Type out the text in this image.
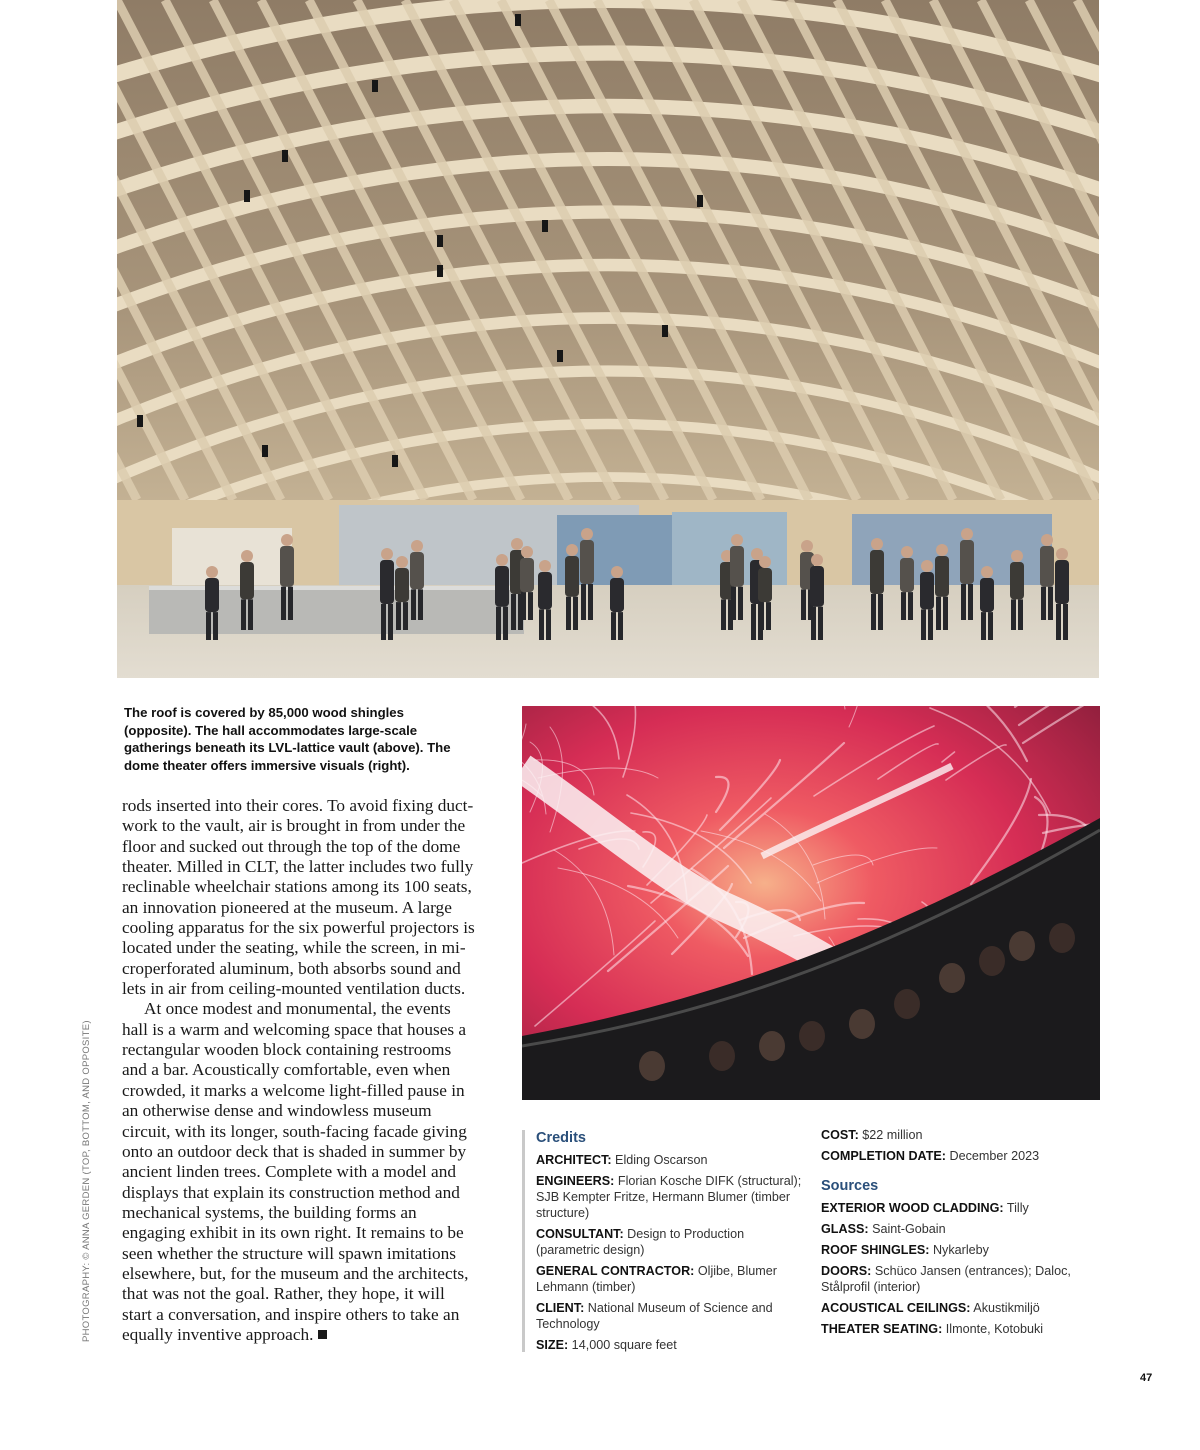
The roof is covered by 85,000 wood shingles (opposite). The hall accommodates large-scale gatherings beneath its LVL-lattice vault (above). The dome theater offers immersive visuals (right).

rods inserted into their cores. To avoid fixing ductwork to the vault, air is brought in from under the floor and sucked out through the top of the dome theater. Milled in CLT, the latter includes two fully reclinable wheelchair stations among its 100 seats, an innovation pioneered at the museum. A large cooling apparatus for the six powerful projectors is located under the seating, while the screen, in microperforated aluminum, both absorbs sound and lets in air from ceiling-mounted ventilation ducts.

At once modest and monumental, the events hall is a warm and welcoming space that houses a rectangular wooden block containing restrooms and a bar. Acoustically comfortable, even when crowded, it marks a welcome light-filled pause in an otherwise dense and windowless museum circuit, with its longer, south-facing facade giving onto an outdoor deck that is shaded in summer by ancient linden trees. Complete with a model and displays that explain its construction method and mechanical systems, the building forms an engaging exhibit in its own right. It remains to be seen whether the structure will spawn imitations elsewhere, but, for the museum and the architects, that was not the goal. Rather, they hope, it will start a conversation, and inspire others to take an equally inventive approach.

PHOTOGRAPHY: © ANNA GERDEN (TOP, BOTTOM, AND OPPOSITE)	Credits
ARCHITECT: Elding Oscarson
ENGINEERS: Florian Kosche DIFK (structural); SJB Kempter Fritze, Hermann Blumer (timber structure)
CONSULTANT: Design to Production (parametric design)
GENERAL CONTRACTOR: Oljibe, Blumer Lehmann (timber)
CLIENT: National Museum of Science and Technology
SIZE: 14,000 square feet
COST: $22 million
COMPLETION DATE: December 2023
Sources
EXTERIOR WOOD CLADDING: Tilly
GLASS: Saint-Gobain
ROOF SHINGLES: Nykarleby
DOORS: Schüco Jansen (entrances); Daloc, Stålprofil (interior)
ACOUSTICAL CEILINGS: Akustikmiljö
THEATER SEATING: Ilmonte, Kotobuki
47
